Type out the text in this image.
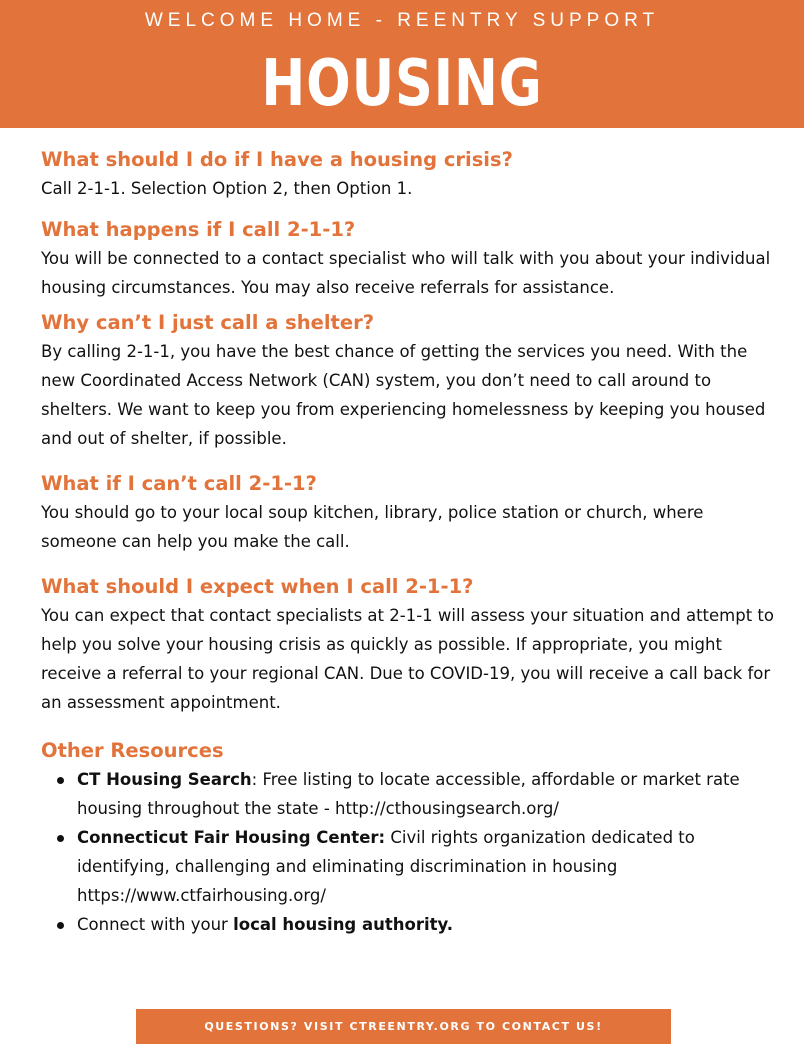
WELCOME HOME - REENTRY SUPPORT
HOUSING
What should I do if I have a housing crisis?

Call 2-1-1. Selection Option 2, then Option 1.

What happens if I call 2-1-1?

You will be connected to a contact specialist who will talk with you about your individual housing circumstances. You may also receive referrals for assistance.

Why can’t I just call a shelter?

By calling 2-1-1, you have the best chance of getting the services you need. With the new Coordinated Access Network (CAN) system, you don’t need to call around to shelters. We want to keep you from experiencing homelessness by keeping you housed and out of shelter, if possible.

What if I can’t call 2-1-1?

You should go to your local soup kitchen, library, police station or church, where someone can help you make the call.

What should I expect when I call 2-1-1?

You can expect that contact specialists at 2-1-1 will assess your situation and attempt to help you solve your housing crisis as quickly as possible. If appropriate, you might receive a referral to your regional CAN. Due to COVID-19, you will receive a call back for an assessment appointment.

Other Resources
CT Housing Search: Free listing to locate accessible, affordable or market rate housing throughout the state - http://cthousingsearch.org/
Connecticut Fair Housing Center: Civil rights organization dedicated to identifying, challenging and eliminating discrimination in housing https://www.ctfairhousing.org/
Connect with your local housing authority.
QUESTIONS? VISIT CTREENTRY.ORG TO CONTACT US!
